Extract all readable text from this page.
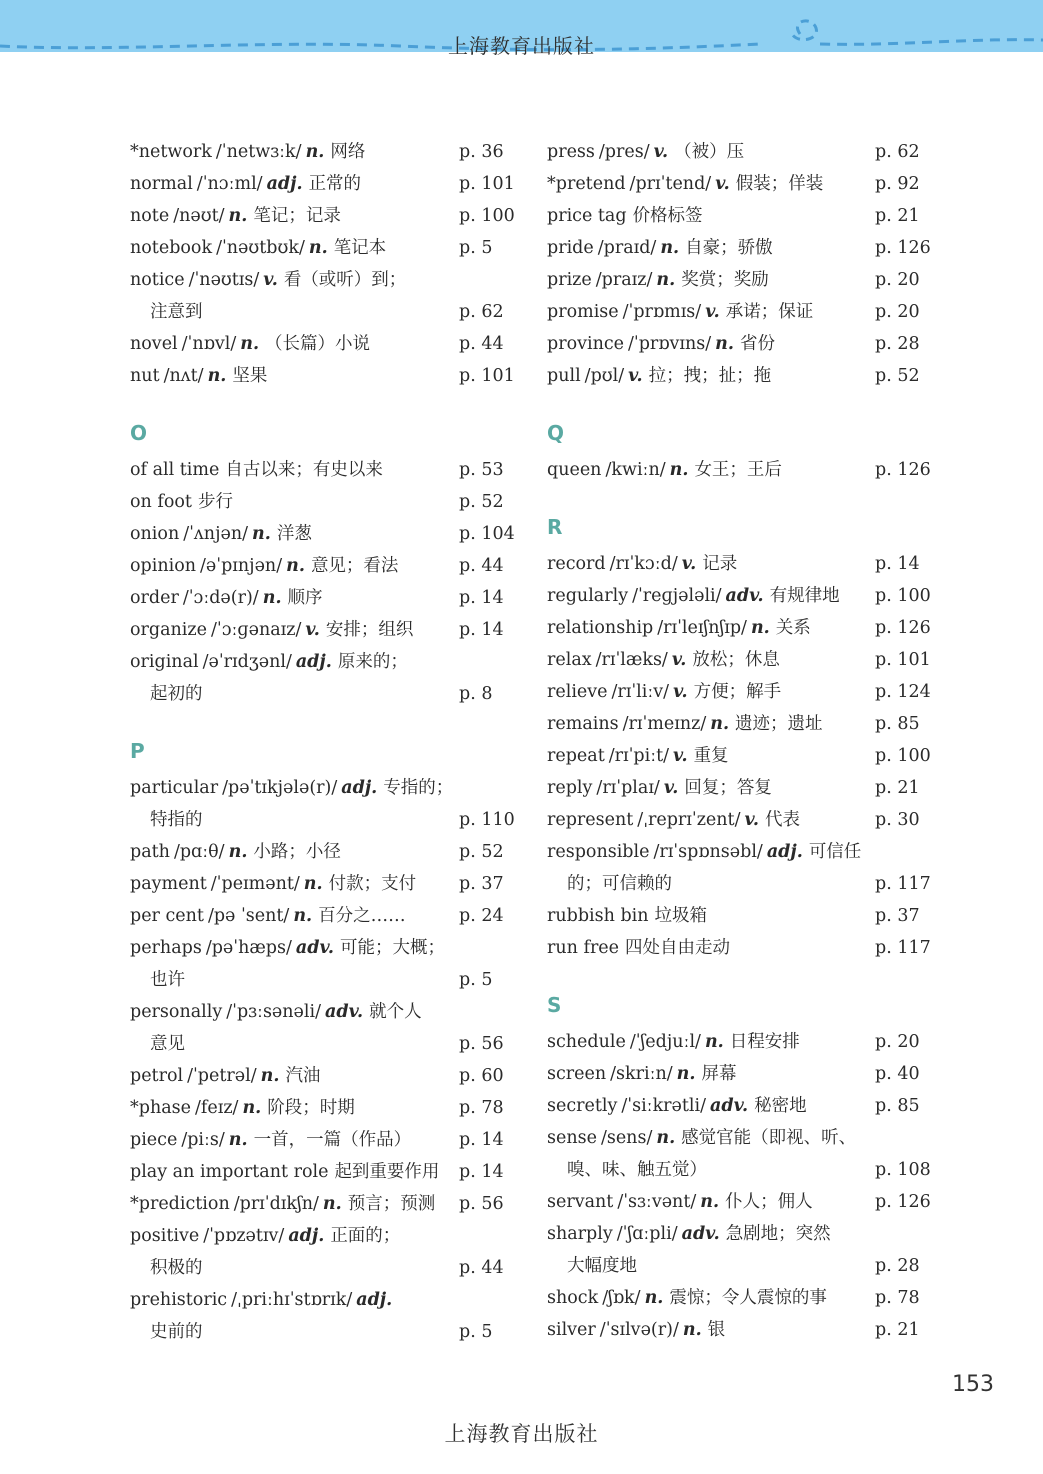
上海教育出版社
*network /ˈnetwɜːk/ n. 网络	p. 36
normal /ˈnɔːml/ adj. 正常的	p. 101
note /nəʊt/ n. 笔记；记录	p. 100
notebook /ˈnəʊtbʊk/ n. 笔记本	p. 5
notice /ˈnəʊtɪs/ v. 看（或听）到；
注意到	p. 62
novel /ˈnɒvl/ n. （长篇）小说	p. 44
nut /nʌt/ n. 坚果	p. 101
O
of all time 自古以来；有史以来	p. 53
on foot 步行	p. 52
onion /ˈʌnjən/ n. 洋葱	p. 104
opinion /əˈpɪnjən/ n. 意见；看法	p. 44
order /ˈɔːdə(r)/ n. 顺序	p. 14
organize /ˈɔːɡənaɪz/ v. 安排；组织	p. 14
original /əˈrɪdʒənl/ adj. 原来的；
起初的	p. 8
P
particular /pəˈtɪkjələ(r)/ adj. 专指的；
特指的	p. 110
path /pɑːθ/ n. 小路；小径	p. 52
payment /ˈpeɪmənt/ n. 付款；支付 p. 37
per cent /pə ˈsent/ n. 百分之……	p. 24
perhaps /pəˈhæps/ adv. 可能；大概；
也许	p. 5
personally /ˈpɜːsənəli/ adv. 就个人
意见	p. 56
petrol /ˈpetrəl/ n. 汽油	p. 60
*phase /feɪz/ n. 阶段；时期	p. 78
piece /piːs/ n. 一首，一篇（作品）	p. 14
play an important role 起到重要作用 p. 14
*prediction /prɪˈdɪkʃn/ n. 预言；预测 p. 56
positive /ˈpɒzətɪv/ adj. 正面的；
积极的	p. 44
prehistoric /ˌpriːhɪˈstɒrɪk/ adj.
史前的	p. 5
press /pres/ v. （被）压	p. 62
*pretend /prɪˈtend/ v. 假装；佯装	p. 92
price tag 价格标签	p. 21
pride /praɪd/ n. 自豪；骄傲	p. 126
prize /praɪz/ n. 奖赏；奖励	p. 20
promise /ˈprɒmɪs/ v. 承诺；保证	p. 20
province /ˈprɒvɪns/ n. 省份	p. 28
pull /pʊl/ v. 拉；拽；扯；拖	p. 52
Q
queen /kwiːn/ n. 女王；王后	p. 126
R
record /rɪˈkɔːd/ v. 记录	p. 14
regularly /ˈreɡjələli/ adv. 有规律地 p. 100
relationship /rɪˈleɪʃnʃɪp/ n. 关系	p. 126
relax /rɪˈlæks/ v. 放松；休息	p. 101
relieve /rɪˈliːv/ v. 方便；解手	p. 124
remains /rɪˈmeɪnz/ n. 遗迹；遗址	p. 85
repeat /rɪˈpiːt/ v. 重复	p. 100
reply /rɪˈplaɪ/ v. 回复；答复	p. 21
represent /ˌreprɪˈzent/ v. 代表	p. 30
responsible /rɪˈspɒnsəbl/ adj. 可信任
的；可信赖的	p. 117
rubbish bin 垃圾箱	p. 37
run free 四处自由走动	p. 117
S
schedule /ˈʃedjuːl/ n. 日程安排	p. 20
screen /skriːn/ n. 屏幕	p. 40
secretly /ˈsiːkrətli/ adv. 秘密地	p. 85
sense /sens/ n. 感觉官能（即视、听、
嗅、味、触五觉）	p. 108
servant /ˈsɜːvənt/ n. 仆人；佣人	p. 126
sharply /ˈʃɑːpli/ adv. 急剧地；突然
大幅度地	p. 28
shock /ʃɒk/ n. 震惊；令人震惊的事	p. 78
silver /ˈsɪlvə(r)/ n. 银	p. 21
153
上海教育出版社
